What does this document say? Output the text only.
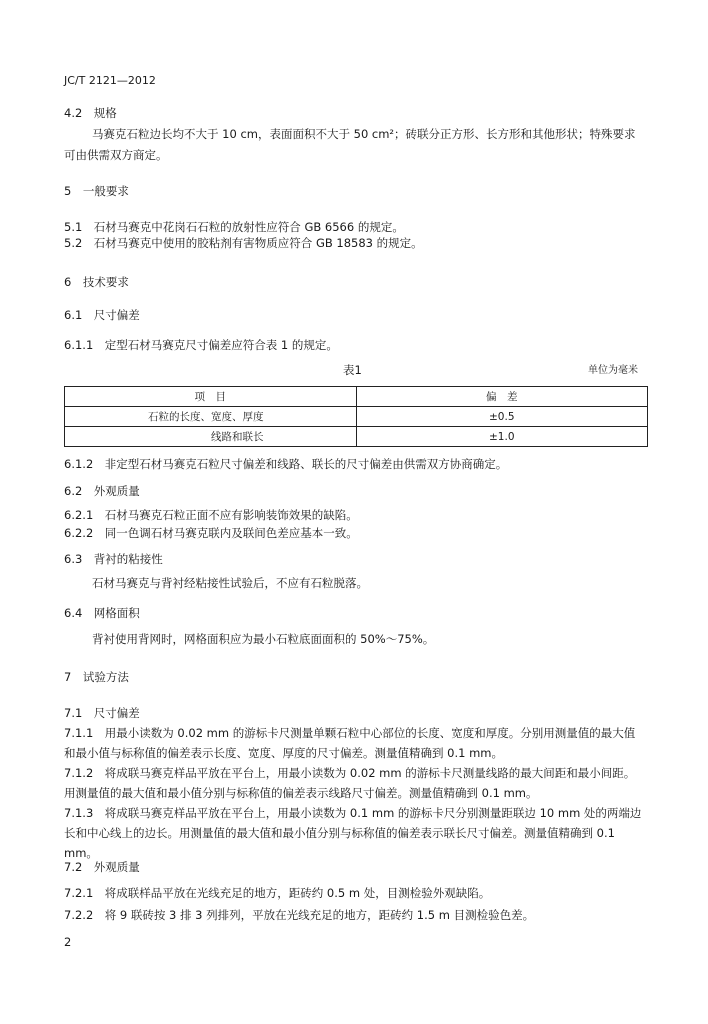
JC/T 2121—2012
4.2　 规格
马赛克石粒边长均不大于 10 cm，表面面积不大于 50 cm²；砖联分正方形、长方形和其他形状；特殊要求可由供需双方商定。
5　 一般要求
5.1　 石材马赛克中花岗石石粒的放射性应符合 GB 6566 的规定。
5.2　 石材马赛克中使用的胶粘剂有害物质应符合 GB 18583 的规定。
6　 技术要求
6.1　 尺寸偏差
6.1.1　 定型石材马赛克尺寸偏差应符合表 1 的规定。
表1	单位为毫米
项　目	偏　差
石粒的长度、宽度、厚度	±0.5
线路和联长	±1.0
6.1.2　 非定型石材马赛克石粒尺寸偏差和线路、联长的尺寸偏差由供需双方协商确定。
6.2　 外观质量
6.2.1　 石材马赛克石粒正面不应有影响装饰效果的缺陷。
6.2.2　 同一色调石材马赛克联内及联间色差应基本一致。
6.3　 背衬的粘接性
石材马赛克与背衬经粘接性试验后，不应有石粒脱落。
6.4　 网格面积
背衬使用背网时，网格面积应为最小石粒底面面积的 50%～75%。
7　 试验方法
7.1　 尺寸偏差
7.1.1　 用最小读数为 0.02 mm 的游标卡尺测量单颗石粒中心部位的长度、宽度和厚度。分别用测量值的最大值和最小值与标称值的偏差表示长度、宽度、厚度的尺寸偏差。测量值精确到 0.1 mm。
7.1.2　 将成联马赛克样品平放在平台上，用最小读数为 0.02 mm 的游标卡尺测量线路的最大间距和最小间距。用测量值的最大值和最小值分别与标称值的偏差表示线路尺寸偏差。测量值精确到 0.1 mm。
7.1.3　 将成联马赛克样品平放在平台上，用最小读数为 0.1 mm 的游标卡尺分别测量距联边 10 mm 处的两端边长和中心线上的边长。用测量值的最大值和最小值分别与标称值的偏差表示联长尺寸偏差。测量值精确到 0.1 mm。
7.2　 外观质量
7.2.1　 将成联样品平放在光线充足的地方，距砖约 0.5 m 处，目测检验外观缺陷。
7.2.2　 将 9 联砖按 3 排 3 列排列，平放在光线充足的地方，距砖约 1.5 m 目测检验色差。
2
